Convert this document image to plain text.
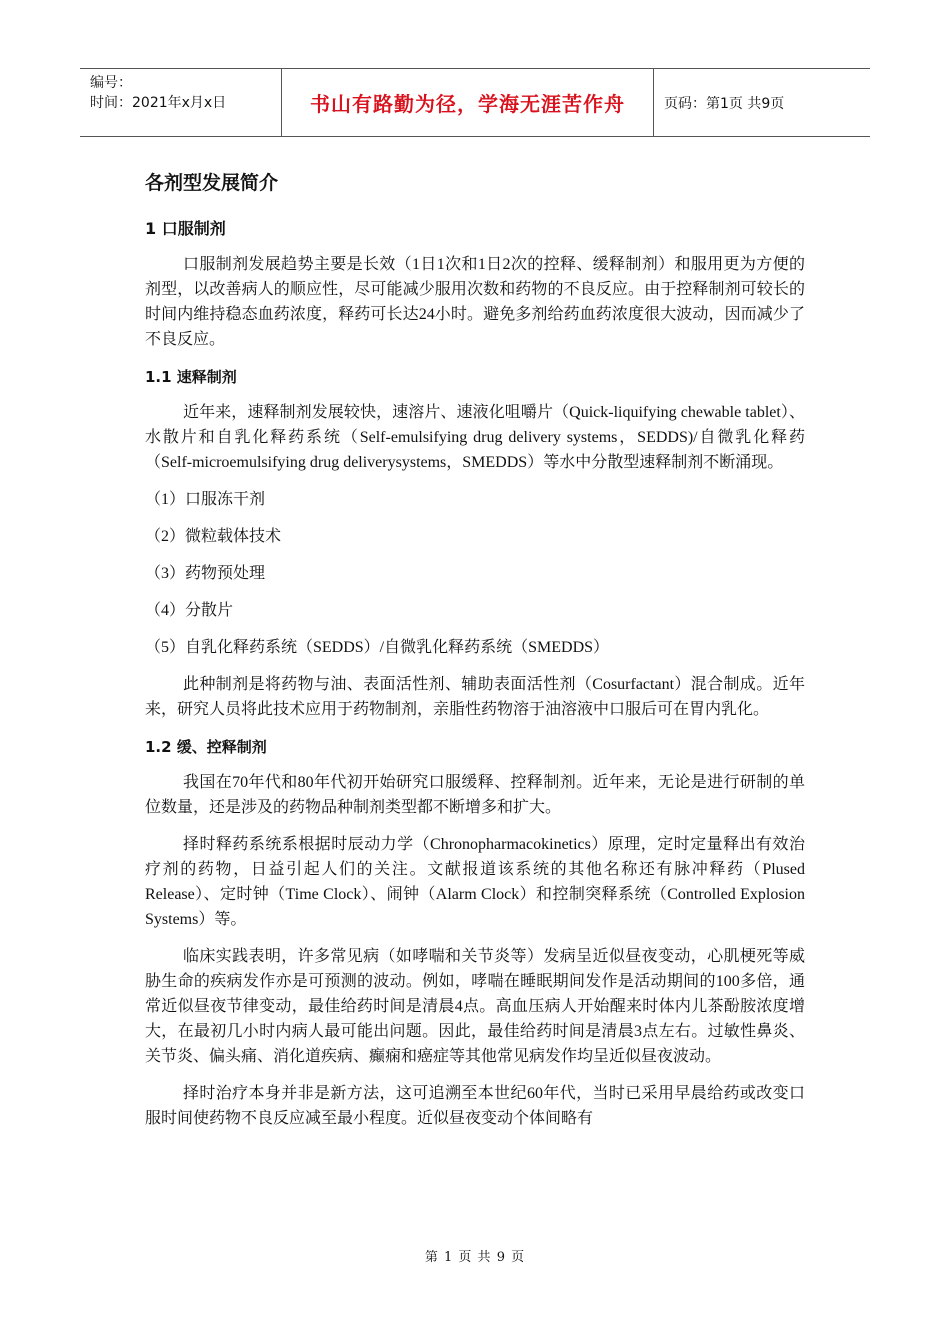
编号：
时间：2021年x月x日	书山有路勤为径，学海无涯苦作舟	页码：第1页 共9页
各剂型发展简介
1 口服制剂
口服制剂发展趋势主要是长效（1日1次和1日2次的控释、缓释制剂）和服用更为方便的剂型，以改善病人的顺应性，尽可能减少服用次数和药物的不良反应。由于控释制剂可较长的时间内维持稳态血药浓度，释药可长达24小时。避免多剂给药血药浓度很大波动，因而减少了不良反应。
1.1 速释制剂
近年来，速释制剂发展较快，速溶片、速液化咀嚼片（Quick-liquifying chewable tablet）、水散片和自乳化释药系统（Self-emulsifying drug delivery systems，SEDDS)/自微乳化释药（Self-microemulsifying drug deliverysystems，SMEDDS）等水中分散型速释制剂不断涌现。
（1）口服冻干剂
（2）微粒载体技术
（3）药物预处理
（4）分散片
（5）自乳化释药系统（SEDDS）/自微乳化释药系统（SMEDDS）
此种制剂是将药物与油、表面活性剂、辅助表面活性剂（Cosurfactant）混合制成。近年来，研究人员将此技术应用于药物制剂，亲脂性药物溶于油溶液中口服后可在胃内乳化。
1.2 缓、控释制剂
我国在70年代和80年代初开始研究口服缓释、控释制剂。近年来，无论是进行研制的单位数量，还是涉及的药物品种制剂类型都不断增多和扩大。
择时释药系统系根据时辰动力学（Chronopharmacokinetics）原理，定时定量释出有效治疗剂的药物，日益引起人们的关注。文献报道该系统的其他名称还有脉冲释药（Plused Release）、定时钟（Time Clock）、闹钟（Alarm Clock）和控制突释系统（Controlled Explosion Systems）等。
临床实践表明，许多常见病（如哮喘和关节炎等）发病呈近似昼夜变动，心肌梗死等威胁生命的疾病发作亦是可预测的波动。例如，哮喘在睡眠期间发作是活动期间的100多倍，通常近似昼夜节律变动，最佳给药时间是清晨4点。高血压病人开始醒来时体内儿茶酚胺浓度增大，在最初几小时内病人最可能出问题。因此，最佳给药时间是清晨3点左右。过敏性鼻炎、关节炎、偏头痛、消化道疾病、癫痫和癌症等其他常见病发作均呈近似昼夜波动。
择时治疗本身并非是新方法，这可追溯至本世纪60年代，当时已采用早晨给药或改变口服时间使药物不良反应减至最小程度。近似昼夜变动个体间略有
第 1 页 共 9 页
